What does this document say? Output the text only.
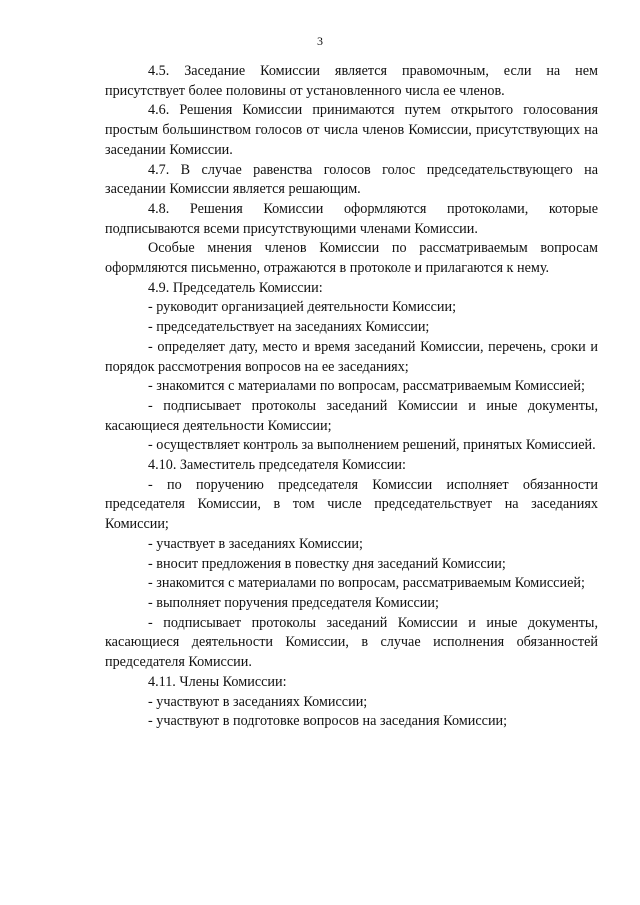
3

4.5. Заседание Комиссии является правомочным, если на нем присутствует более половины от установленного числа ее членов.

4.6. Решения Комиссии принимаются путем открытого голосования простым большинством голосов от числа членов Комиссии, присутствующих на заседании Комиссии.

4.7. В случае равенства голосов голос председательствующего на заседании Комиссии является решающим.

4.8. Решения Комиссии оформляются протоколами, которые подписываются всеми присутствующими членами Комиссии.

Особые мнения членов Комиссии по рассматриваемым вопросам оформляются письменно, отражаются в протоколе и прилагаются к нему.

4.9. Председатель Комиссии:

- руководит организацией деятельности Комиссии;

- председательствует на заседаниях Комиссии;

- определяет дату, место и время заседаний Комиссии, перечень, сроки и порядок рассмотрения вопросов на ее заседаниях;

- знакомится с материалами по вопросам, рассматриваемым Комиссией;

- подписывает протоколы заседаний Комиссии и иные документы, касающиеся деятельности Комиссии;

- осуществляет контроль за выполнением решений, принятых Комиссией.

4.10. Заместитель председателя Комиссии:

- по поручению председателя Комиссии исполняет обязанности председателя Комиссии, в том числе председательствует на заседаниях Комиссии;

- участвует в заседаниях Комиссии;

- вносит предложения в повестку дня заседаний Комиссии;

- знакомится с материалами по вопросам, рассматриваемым Комиссией;

- выполняет поручения председателя Комиссии;

- подписывает протоколы заседаний Комиссии и иные документы, касающиеся деятельности Комиссии, в случае исполнения обязанностей председателя Комиссии.

4.11. Члены Комиссии:

- участвуют в заседаниях Комиссии;

- участвуют в подготовке вопросов на заседания Комиссии;
